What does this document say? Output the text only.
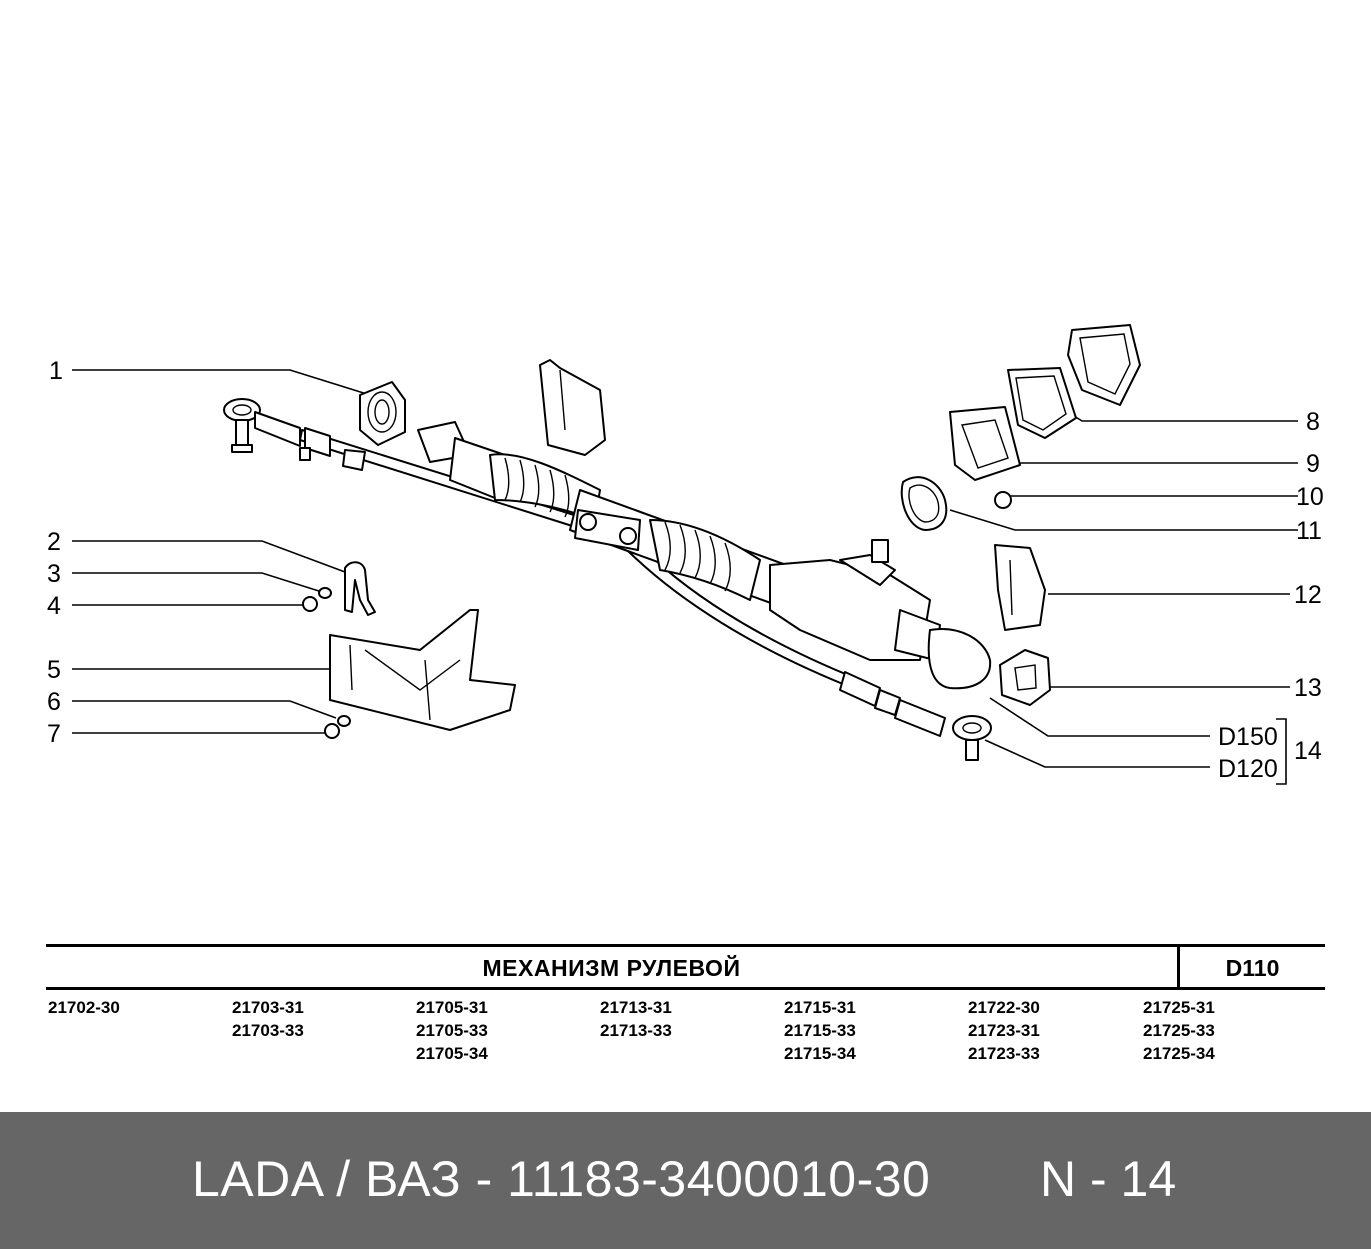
1
2
3
4
5
6
7
8
9
10
11
12
13
14
D150
D120
МЕХАНИЗМ РУЛЕВОЙ	D110
21702-30	21703-31
21703-33
21705-31
21705-33
21705-34
21713-31
21713-33
21715-31
21715-33
21715-34
21722-30
21723-31
21723-33
21725-31
21725-33
21725-34
LADA / ВАЗ - 11183-3400010-30 N - 14
